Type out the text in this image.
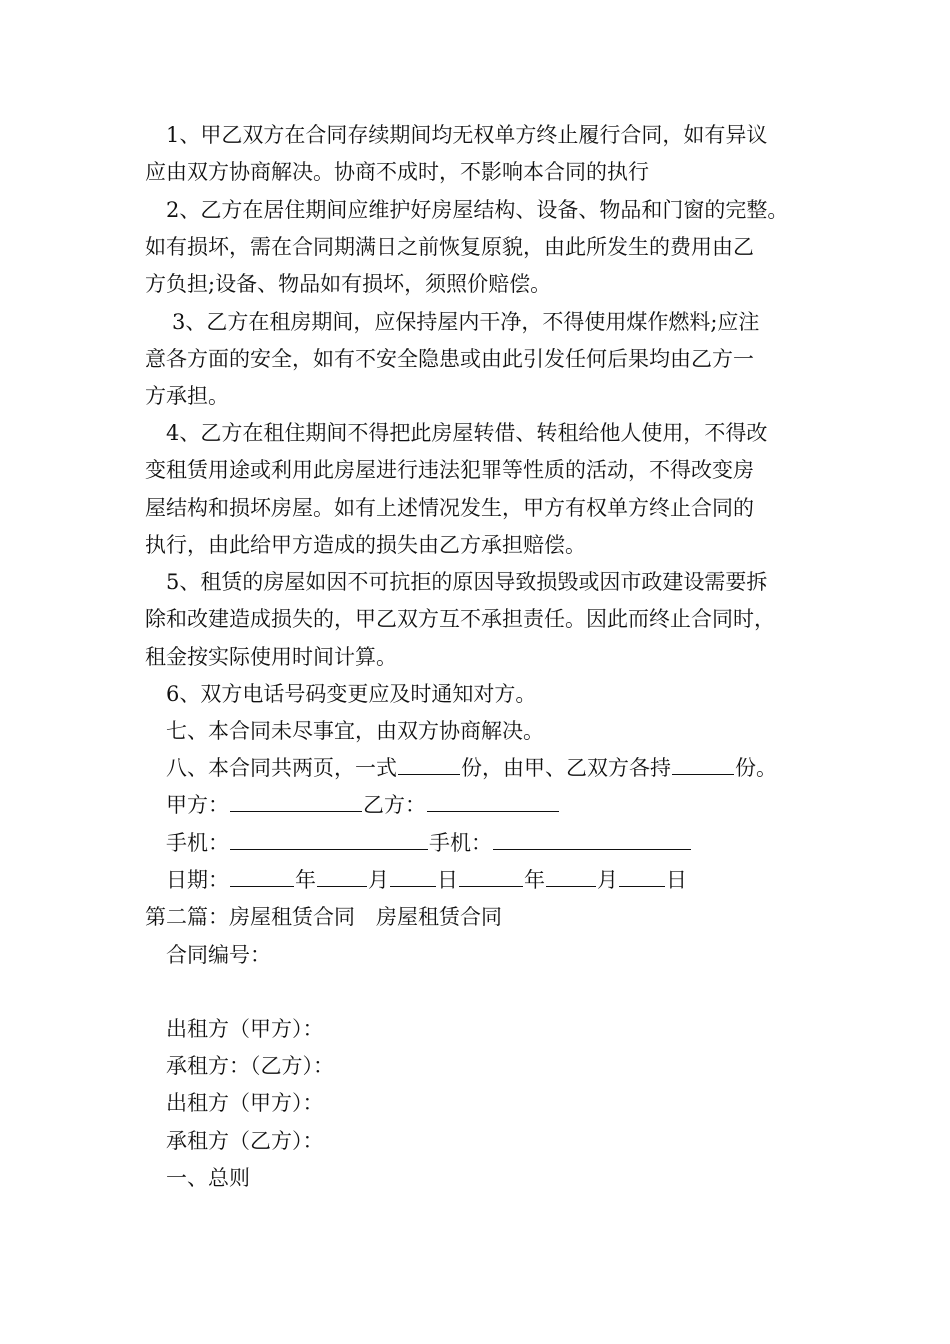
1、甲乙双方在合同存续期间均无权单方终止履行合同，如有异议
应由双方协商解决。协商不成时，不影响本合同的执行
2、乙方在居住期间应维护好房屋结构、设备、物品和门窗的完整。
如有损坏，需在合同期满日之前恢复原貌，由此所发生的费用由乙
方负担;设备、物品如有损坏，须照价赔偿。
3、乙方在租房期间，应保持屋内干净，不得使用煤作燃料;应注
意各方面的安全，如有不安全隐患或由此引发任何后果均由乙方一
方承担。
4、乙方在租住期间不得把此房屋转借、转租给他人使用，不得改
变租赁用途或利用此房屋进行违法犯罪等性质的活动，不得改变房
屋结构和损坏房屋。如有上述情况发生，甲方有权单方终止合同的
执行，由此给甲方造成的损失由乙方承担赔偿。
5、租赁的房屋如因不可抗拒的原因导致损毁或因市政建设需要拆
除和改建造成损失的，甲乙双方互不承担责任。因此而终止合同时，
租金按实际使用时间计算。
6、双方电话号码变更应及时通知对方。
七、本合同未尽事宜，由双方协商解决。
八、本合同共两页，一式	份，由甲、乙双方各持	份。
甲方：	乙方：
手机：	手机：
日期：	年 月 日	年 月 日
第二篇：房屋租赁合同　房屋租赁合同
合同编号：
出租方（甲方）：
承租方：（乙方）：
出租方（甲方）：
承租方（乙方）：
一、总则
